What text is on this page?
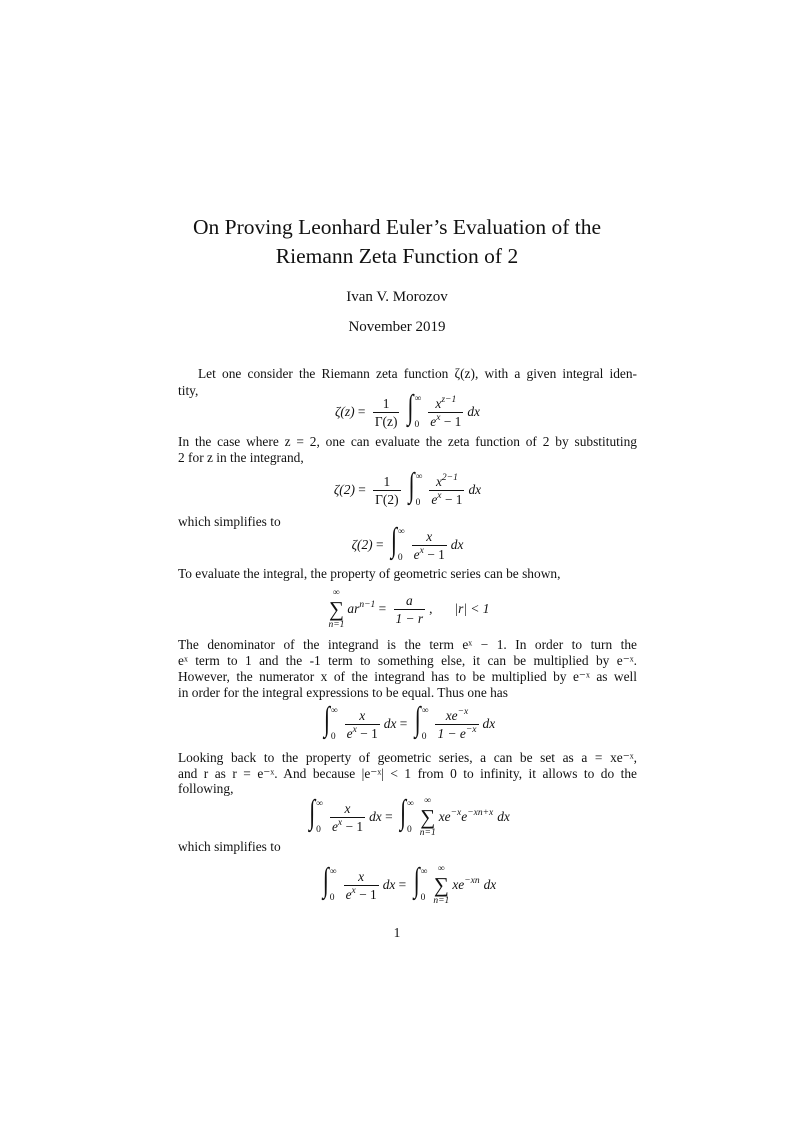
On Proving Leonhard Euler’s Evaluation of the
Riemann Zeta Function of 2
Ivan V. Morozov
November 2019
Let one consider the Riemann zeta function ζ(z), with a given integral iden-
tity,
$\zeta(z) = \frac{1}{\Gamma(z)}$ ∫ ∞
$0 \frac{x^{z-1}}{e^x - 1}$ dx
In the case where z = 2, one can evaluate the zeta function of 2 by substituting
2 for z in the integrand,
$\zeta(2) = \frac{1}{\Gamma(2)}$ ∫ ∞
$0 \frac{x^{2-1}}{e^x - 1}$ dx
which simplifies to
ζ(2) = ∫ ∞
$0 \frac{x}{e^x - 1}$ dx
To evaluate the integral, the property of geometric series can be shown,
∞
∑
n=1
$ar^{n-1} = \frac{a}{1 - r}$ , |r| < 1
The denominator of the integrand is the term eˣ − 1. In order to turn the
eˣ term to 1 and the -1 term to something else, it can be multiplied by e⁻ˣ.
However, the numerator x of the integrand has to be multiplied by e⁻ˣ as well
in order for the integral expressions to be equal. Thus one has
∫ ∞
$0 \frac{x}{e^x - 1}$ dx = ∫ ∞
$0 \frac{xe^{-x}}{1 - e^{-x}}$ dx
Looking back to the property of geometric series, a can be set as a = xe⁻ˣ,
and r as r = e⁻ˣ. And because |e⁻ˣ| < 1 from 0 to infinity, it allows to do the
following,
∫ ∞
$0 \frac{x}{e^x - 1}$ dx = ∫ ∞
0
∞
∑
n=1
$xe^{-x}e^{-xn+x}$ dx
which simplifies to
∫ ∞
$0 \frac{x}{e^x - 1}$ dx = ∫ ∞
0
∞
∑
n=1
$xe^{-xn}$ dx
1
